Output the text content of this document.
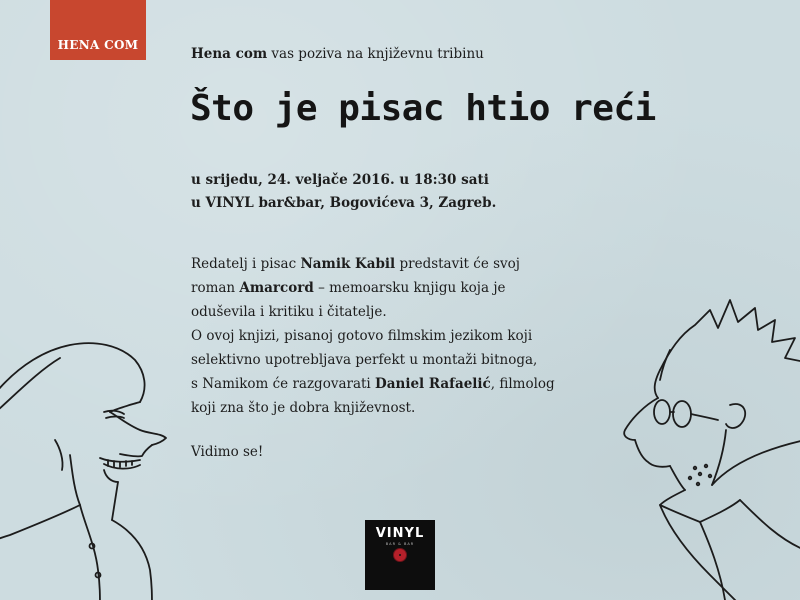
HENA COM
Hena com vas poziva na književnu tribinu
Što je pisac htio reći
u srijedu, 24. veljače 2016. u 18:30 sati
u VINYL bar&bar, Bogovićeva 3, Zagreb.
Redatelj i pisac Namik Kabil predstavit će svoj
roman Amarcord – memoarsku knjigu koja je
oduševila i kritiku i čitatelje.
O ovoj knjizi, pisanoj gotovo filmskim jezikom koji
selektivno upotrebljava perfekt u montaži bitnoga,
s Namikom će razgovarati Daniel Rafaelić, filmolog
koji zna što je dobra književnost.
Vidimo se!
VINYL
BAR & BAR
